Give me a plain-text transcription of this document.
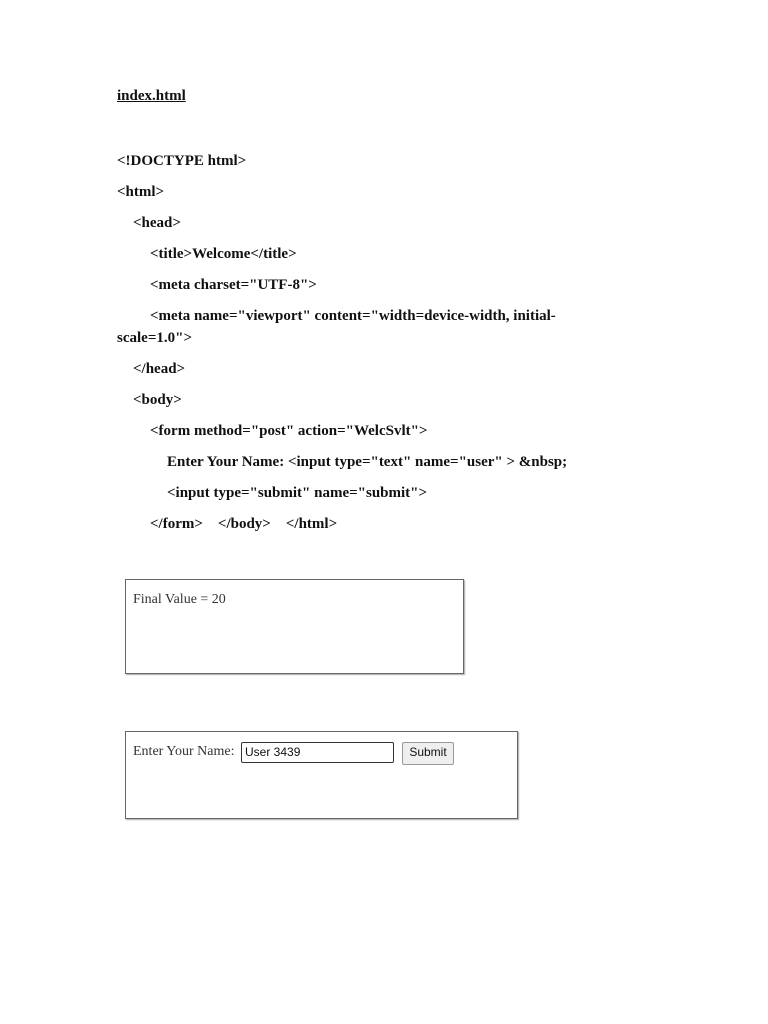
index.html
<!DOCTYPE html>
<html>
<head>
<title>Welcome</title>
<meta charset="UTF-8">
<meta name="viewport" content="width=device-width, initial-scale=1.0">
</head>
<body>
<form method="post" action="WelcSvlt">
Enter Your Name: <input type="text" name="user" > &nbsp;
<input type="submit" name="submit">
</form>    </body>    </html>
Final Value = 20
Enter Your Name: User 3439	Submit
